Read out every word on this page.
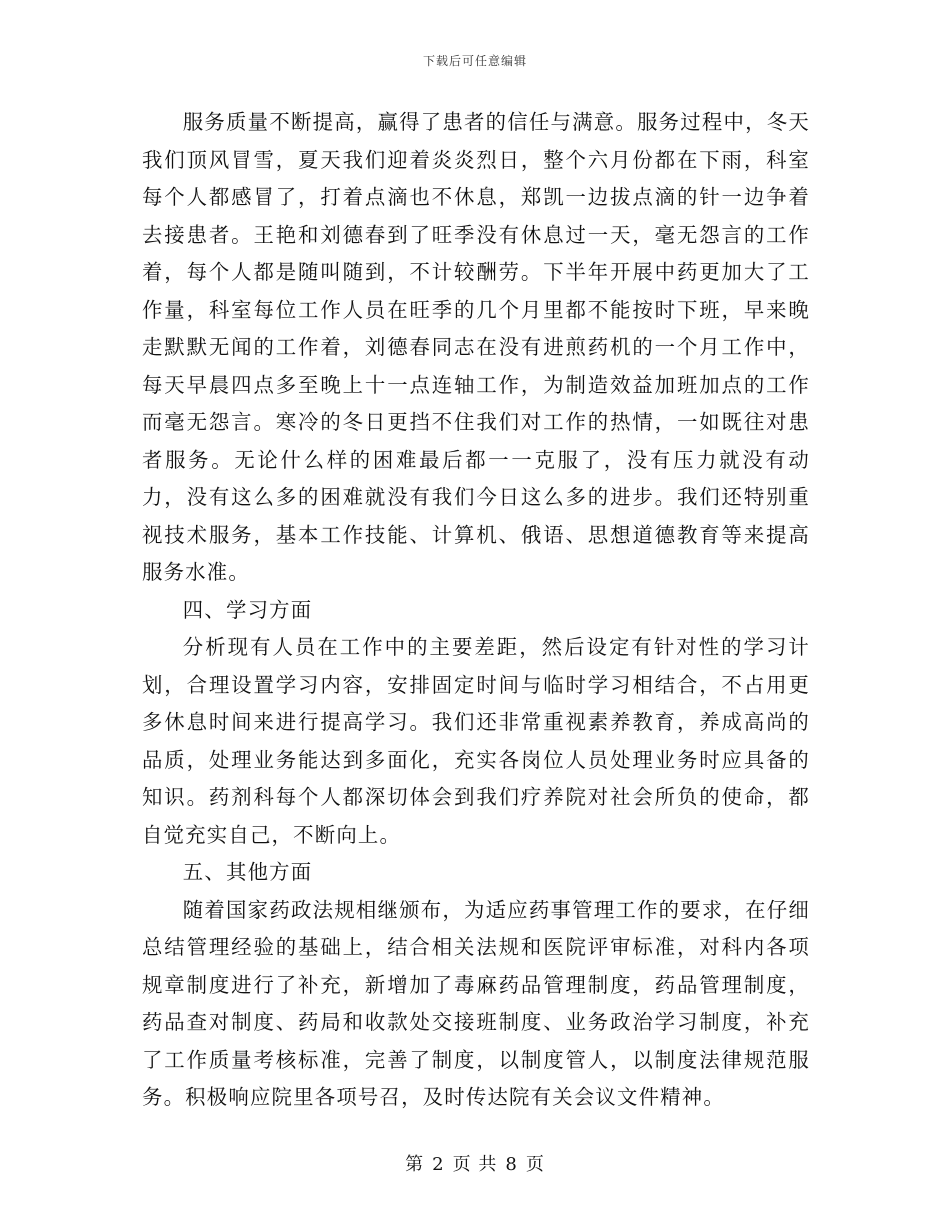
下载后可任意编辑

服务质量不断提高，赢得了患者的信任与满意。服务过程中，冬天我们顶风冒雪，夏天我们迎着炎炎烈日，整个六月份都在下雨，科室每个人都感冒了，打着点滴也不休息，郑凯一边拔点滴的针一边争着去接患者。王艳和刘德春到了旺季没有休息过一天，毫无怨言的工作着，每个人都是随叫随到，不计较酬劳。下半年开展中药更加大了工作量，科室每位工作人员在旺季的几个月里都不能按时下班，早来晚走默默无闻的工作着，刘德春同志在没有进煎药机的一个月工作中，每天早晨四点多至晚上十一点连轴工作，为制造效益加班加点的工作而毫无怨言。寒冷的冬日更挡不住我们对工作的热情，一如既往对患者服务。无论什么样的困难最后都一一克服了，没有压力就没有动力，没有这么多的困难就没有我们今日这么多的进步。我们还特别重视技术服务，基本工作技能、计算机、俄语、思想道德教育等来提高服务水准。

四、学习方面

分析现有人员在工作中的主要差距，然后设定有针对性的学习计划，合理设置学习内容，安排固定时间与临时学习相结合，不占用更多休息时间来进行提高学习。我们还非常重视素养教育，养成高尚的品质，处理业务能达到多面化，充实各岗位人员处理业务时应具备的知识。药剂科每个人都深切体会到我们疗养院对社会所负的使命，都自觉充实自己，不断向上。

五、其他方面

随着国家药政法规相继颁布，为适应药事管理工作的要求，在仔细总结管理经验的基础上，结合相关法规和医院评审标准，对科内各项规章制度进行了补充，新增加了毒麻药品管理制度，药品管理制度，药品查对制度、药局和收款处交接班制度、业务政治学习制度，补充了工作质量考核标准，完善了制度，以制度管人，以制度法律规范服务。积极响应院里各项号召，及时传达院有关会议文件精神。

第 2 页 共 8 页
